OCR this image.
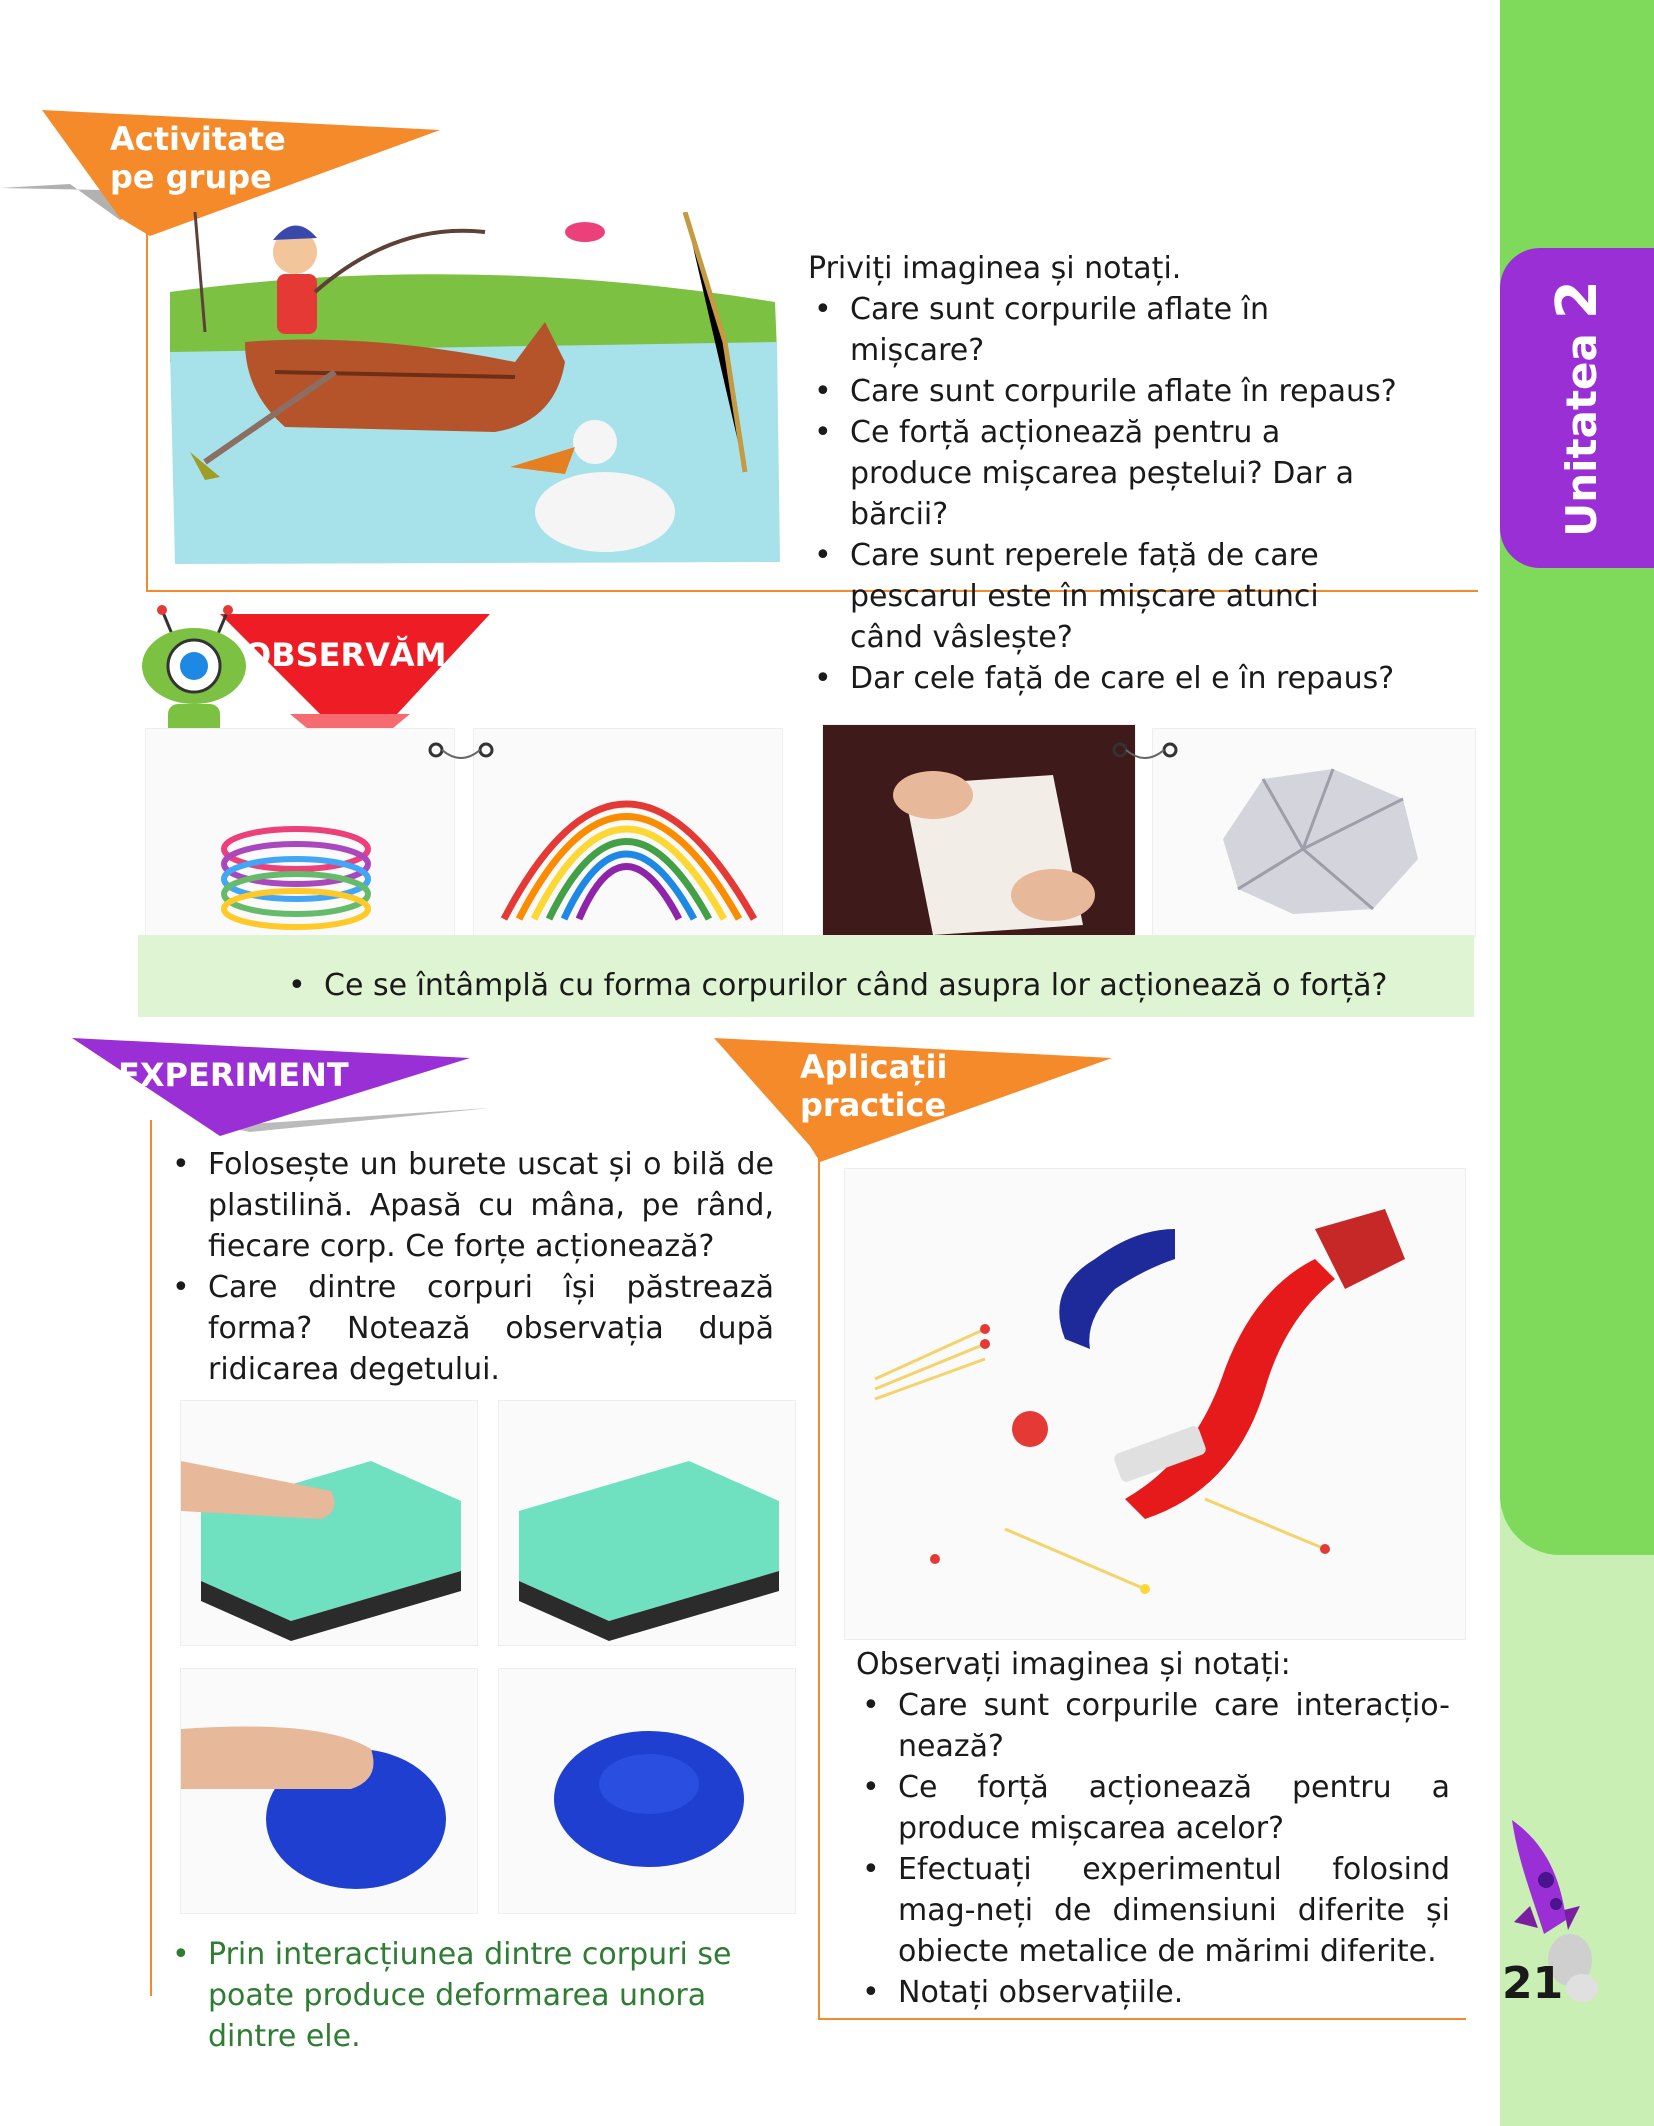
Unitatea2
21
Activitate
pe grupe
Priviți imaginea și notați.
• Care sunt corpurile aflate în mișcare?
• Care sunt corpurile aflate în repaus?
• Ce forță acționează pentru a produce mișcarea peștelui? Dar a bărcii?
• Care sunt reperele față de care pescarul este în mișcare atunci când vâslește?
• Dar cele față de care el e în repaus?
OBSERVĂM
• Ce se întâmplă cu forma corpurilor când asupra lor acționează o forță?
EXPERIMENT
• Folosește un burete uscat și o bilă de plastilină. Apasă cu mâna, pe rând, fiecare corp. Ce forțe acționează?
• Care dintre corpuri își păstrează forma? Notează observația după ridicarea degetului.
• Prin interacțiunea dintre corpuri se poate produce deformarea unora dintre ele.
Aplicații
practice
Observați imaginea și notați:
• Care sunt corpurile care interacțio-nează?
• Ce forță acționează pentru a produce mișcarea acelor?
• Efectuați experimentul folosind mag-neți de dimensiuni diferite și obiecte metalice de mărimi diferite.
• Notați observațiile.
